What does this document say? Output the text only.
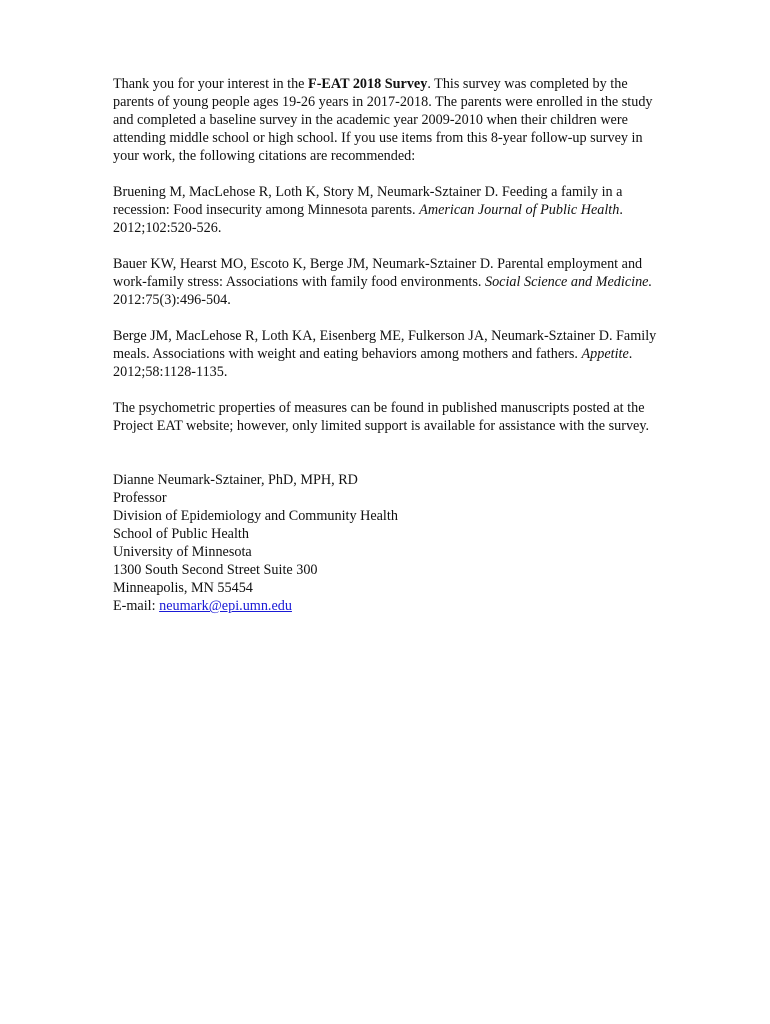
Thank you for your interest in the F-EAT 2018 Survey. This survey was completed by the parents of young people ages 19-26 years in 2017-2018. The parents were enrolled in the study and completed a baseline survey in the academic year 2009-2010 when their children were attending middle school or high school. If you use items from this 8-year follow-up survey in your work, the following citations are recommended:

Bruening M, MacLehose R, Loth K, Story M, Neumark-Sztainer D. Feeding a family in a recession: Food insecurity among Minnesota parents. American Journal of Public Health. 2012;102:520-526.

Bauer KW, Hearst MO, Escoto K, Berge JM, Neumark-Sztainer D. Parental employment and work-family stress: Associations with family food environments. Social Science and Medicine. 2012:75(3):496-504.

Berge JM, MacLehose R, Loth KA, Eisenberg ME, Fulkerson JA, Neumark-Sztainer D. Family meals. Associations with weight and eating behaviors among mothers and fathers. Appetite. 2012;58:1128-1135.

The psychometric properties of measures can be found in published manuscripts posted at the Project EAT website; however, only limited support is available for assistance with the survey.

Dianne Neumark-Sztainer, PhD, MPH, RD
Professor
Division of Epidemiology and Community Health
School of Public Health
University of Minnesota
1300 South Second Street Suite 300
Minneapolis, MN 55454
E-mail: neumark@epi.umn.edu
